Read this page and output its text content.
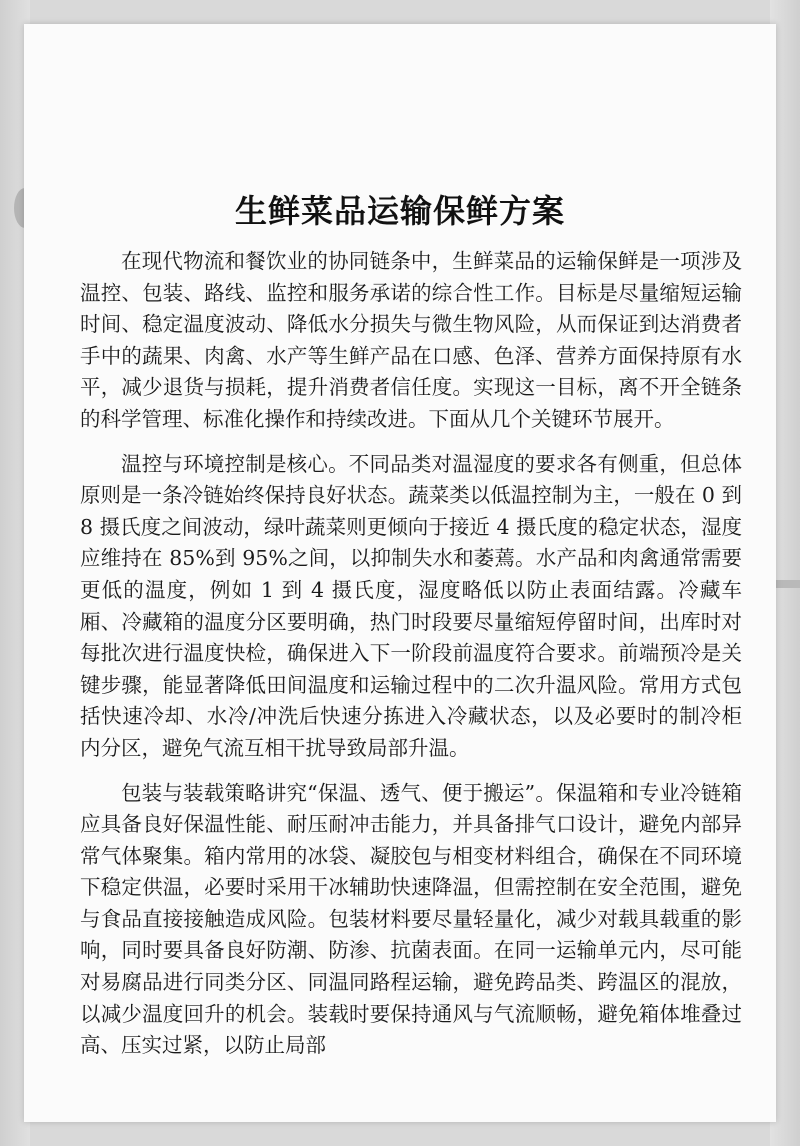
生鲜菜品运输保鲜方案

在现代物流和餐饮业的协同链条中，生鲜菜品的运输保鲜是一项涉及温控、包装、路线、监控和服务承诺的综合性工作。目标是尽量缩短运输时间、稳定温度波动、降低水分损失与微生物风险，从而保证到达消费者手中的蔬果、肉禽、水产等生鲜产品在口感、色泽、营养方面保持原有水平，减少退货与损耗，提升消费者信任度。实现这一目标，离不开全链条的科学管理、标准化操作和持续改进。下面从几个关键环节展开。

温控与环境控制是核心。不同品类对温湿度的要求各有侧重，但总体原则是一条冷链始终保持良好状态。蔬菜类以低温控制为主，一般在 0 到 8 摄氏度之间波动，绿叶蔬菜则更倾向于接近 4 摄氏度的稳定状态，湿度应维持在 85%到 95%之间，以抑制失水和萎蔫。水产品和肉禽通常需要更低的温度，例如 1 到 4 摄氏度，湿度略低以防止表面结露。冷藏车厢、冷藏箱的温度分区要明确，热门时段要尽量缩短停留时间，出库时对每批次进行温度快检，确保进入下一阶段前温度符合要求。前端预冷是关键步骤，能显著降低田间温度和运输过程中的二次升温风险。常用方式包括快速冷却、水冷/冲洗后快速分拣进入冷藏状态，以及必要时的制冷柜内分区，避免气流互相干扰导致局部升温。

包装与装载策略讲究“保温、透气、便于搬运”。保温箱和专业冷链箱应具备良好保温性能、耐压耐冲击能力，并具备排气口设计，避免内部异常气体聚集。箱内常用的冰袋、凝胶包与相变材料组合，确保在不同环境下稳定供温，必要时采用干冰辅助快速降温，但需控制在安全范围，避免与食品直接接触造成风险。包装材料要尽量轻量化，减少对载具载重的影响，同时要具备良好防潮、防渗、抗菌表面。在同一运输单元内，尽可能对易腐品进行同类分区、同温同路程运输，避免跨品类、跨温区的混放，以减少温度回升的机会。装载时要保持通风与气流顺畅，避免箱体堆叠过高、压实过紧，以防止局部
